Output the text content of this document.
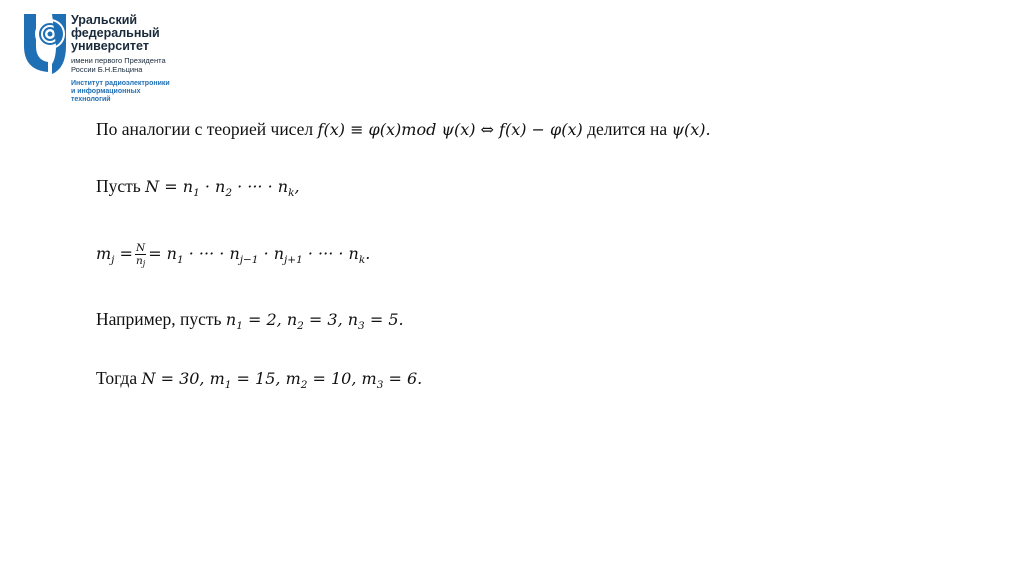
Уральский
федеральный
университет
имени первого Президента
России Б.Н.Ельцина
Институт радиоэлектроники
и информационных
технологий
По аналогии с теорией чисел f(x) ≡ φ(x)mod ψ(x) ⇔ f(x) − φ(x) делится на ψ(x).
Пусть $N = n_1 \cdot n_2$ · ··· · $n_k$,
$m_j = \frac{N}{n_j} = n_1$ · ··· · $n_{j-1} \cdot n_{j+1}$ · ··· · $n_k$.
Например, пусть $n_1 = 2$, $n_2 = 3$, $n_3 = 5$.
Тогда N = 30, $m_1 = 15$, $m_2 = 10$, $m_3 = 6$.
